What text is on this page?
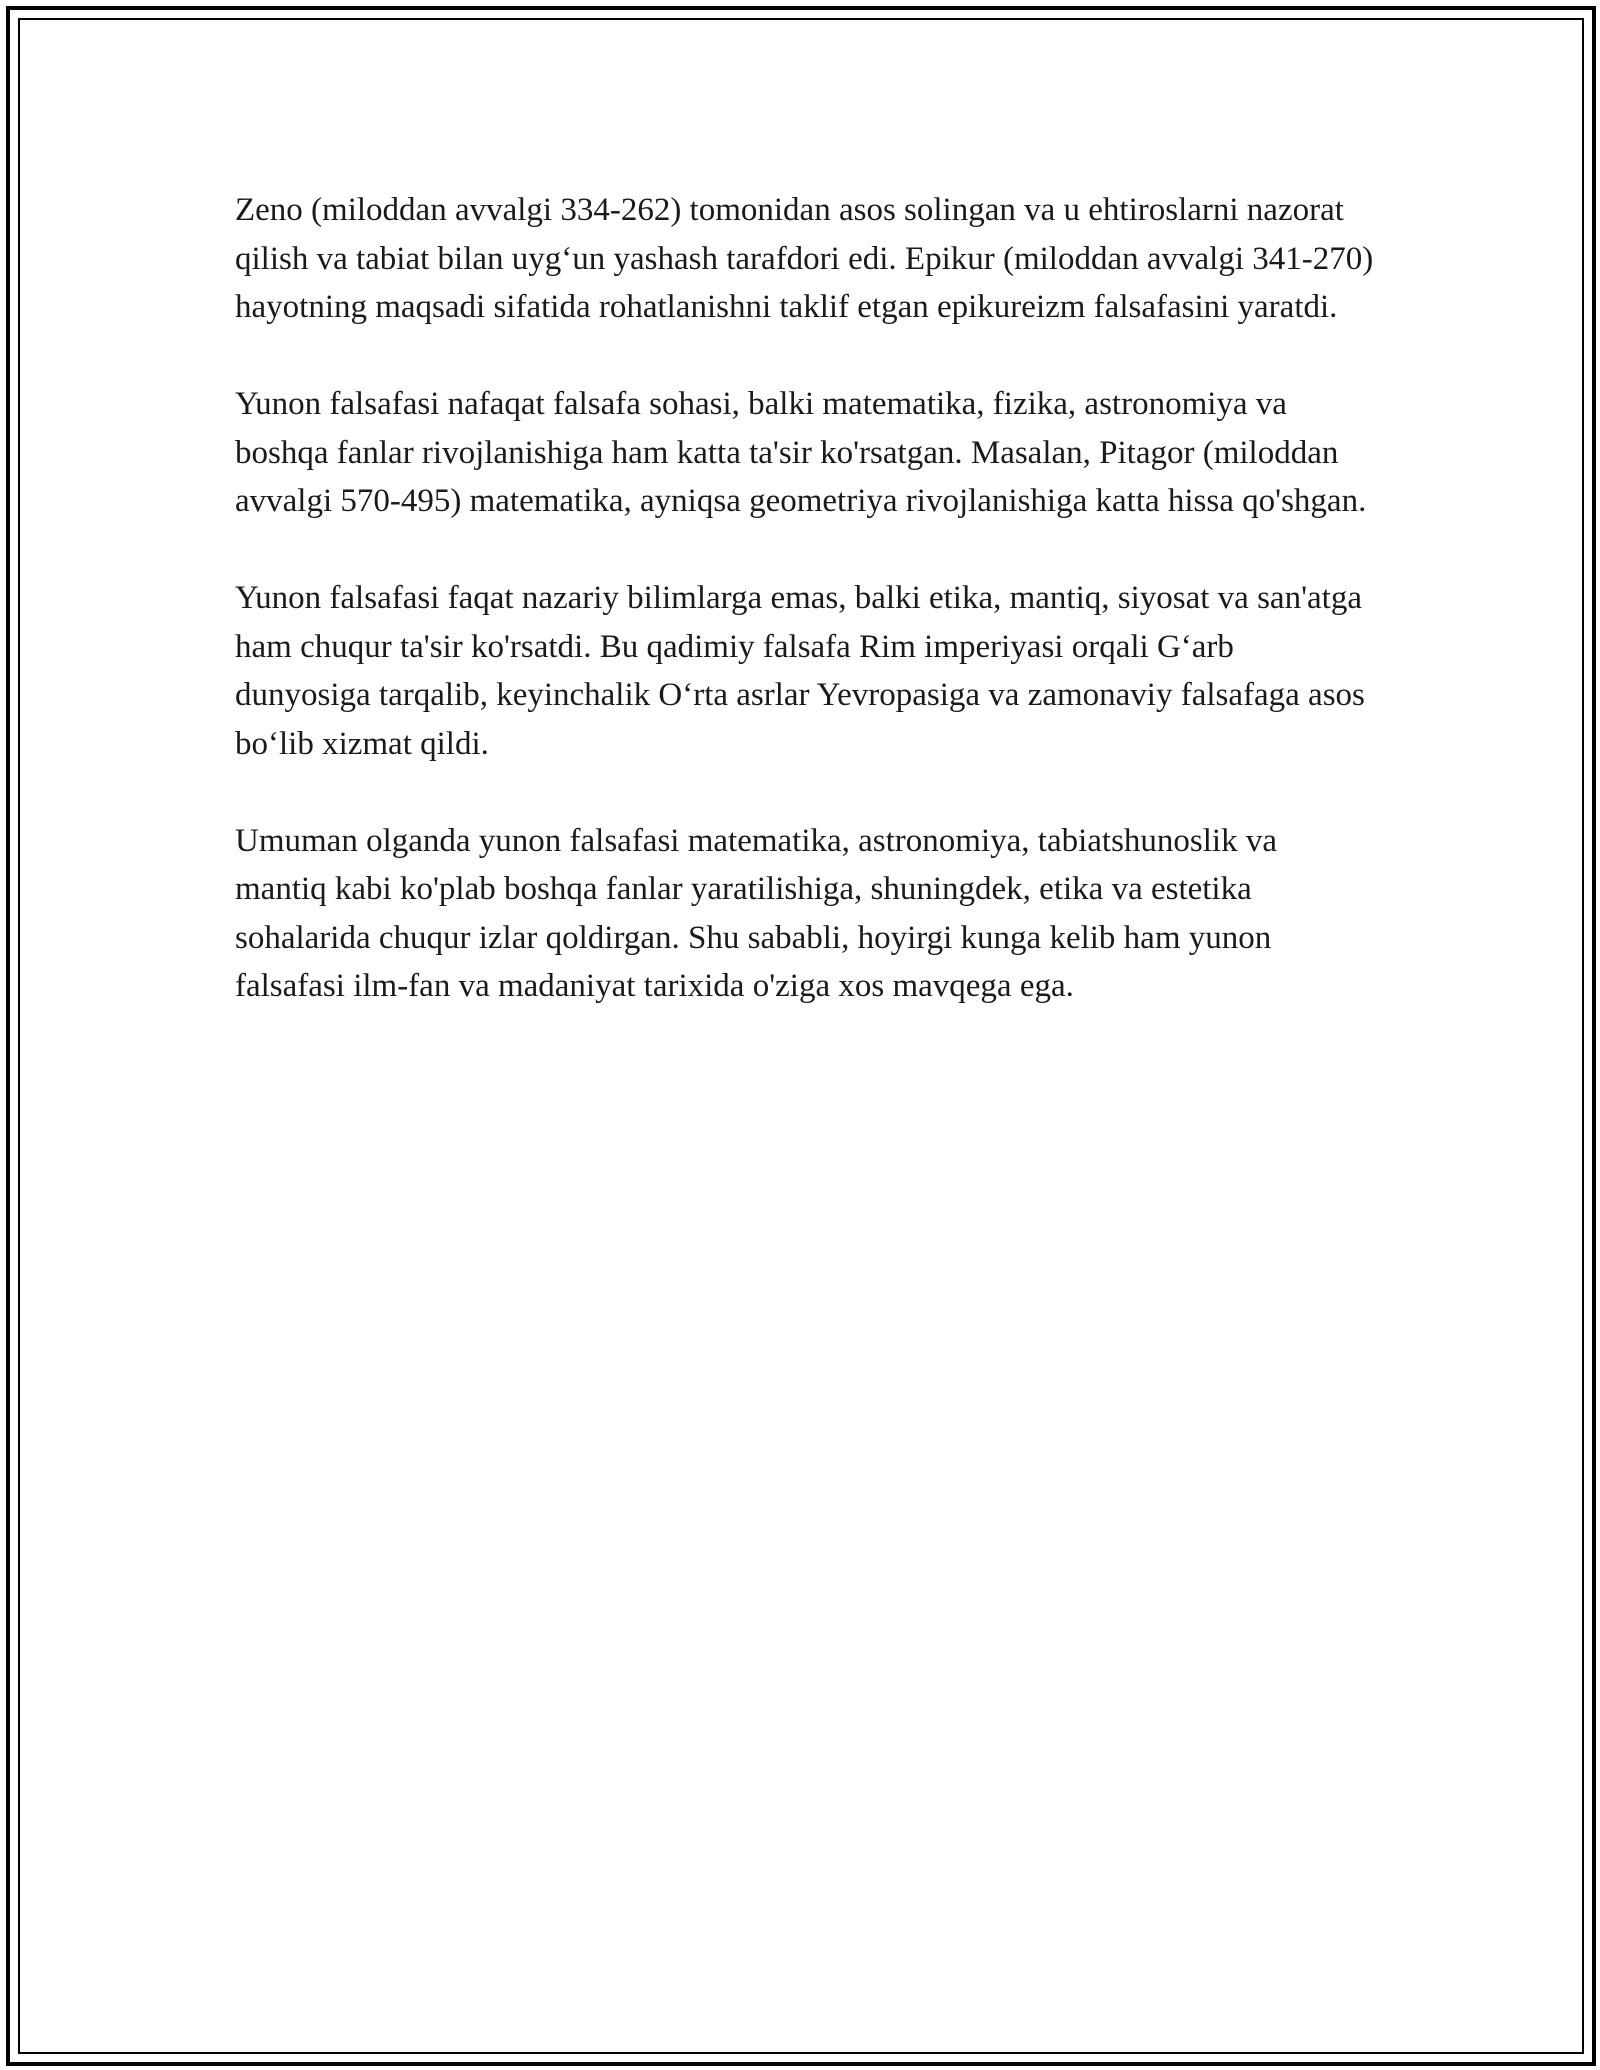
Zeno (miloddan avvalgi 334-262) tomonidan asos solingan va u ehtiroslarni nazorat qilish va tabiat bilan uygʻun yashash tarafdori edi. Epikur (miloddan avvalgi 341-270) hayotning maqsadi sifatida rohatlanishni taklif etgan epikureizm falsafasini yaratdi.

Yunon falsafasi nafaqat falsafa sohasi, balki matematika, fizika, astronomiya va boshqa fanlar rivojlanishiga ham katta ta'sir ko'rsatgan. Masalan, Pitagor (miloddan avvalgi 570-495) matematika, ayniqsa geometriya rivojlanishiga katta hissa qo'shgan.

Yunon falsafasi faqat nazariy bilimlarga emas, balki etika, mantiq, siyosat va san'atga ham chuqur ta'sir ko'rsatdi. Bu qadimiy falsafa Rim imperiyasi orqali Gʻarb dunyosiga tarqalib, keyinchalik Oʻrta asrlar Yevropasiga va zamonaviy falsafaga asos boʻlib xizmat qildi.

Umuman olganda yunon falsafasi matematika, astronomiya, tabiatshunoslik va mantiq kabi ko'plab boshqa fanlar yaratilishiga, shuningdek, etika va estetika sohalarida chuqur izlar qoldirgan. Shu sababli, hoyirgi kunga kelib ham yunon falsafasi ilm-fan va madaniyat tarixida o'ziga xos mavqega ega.
